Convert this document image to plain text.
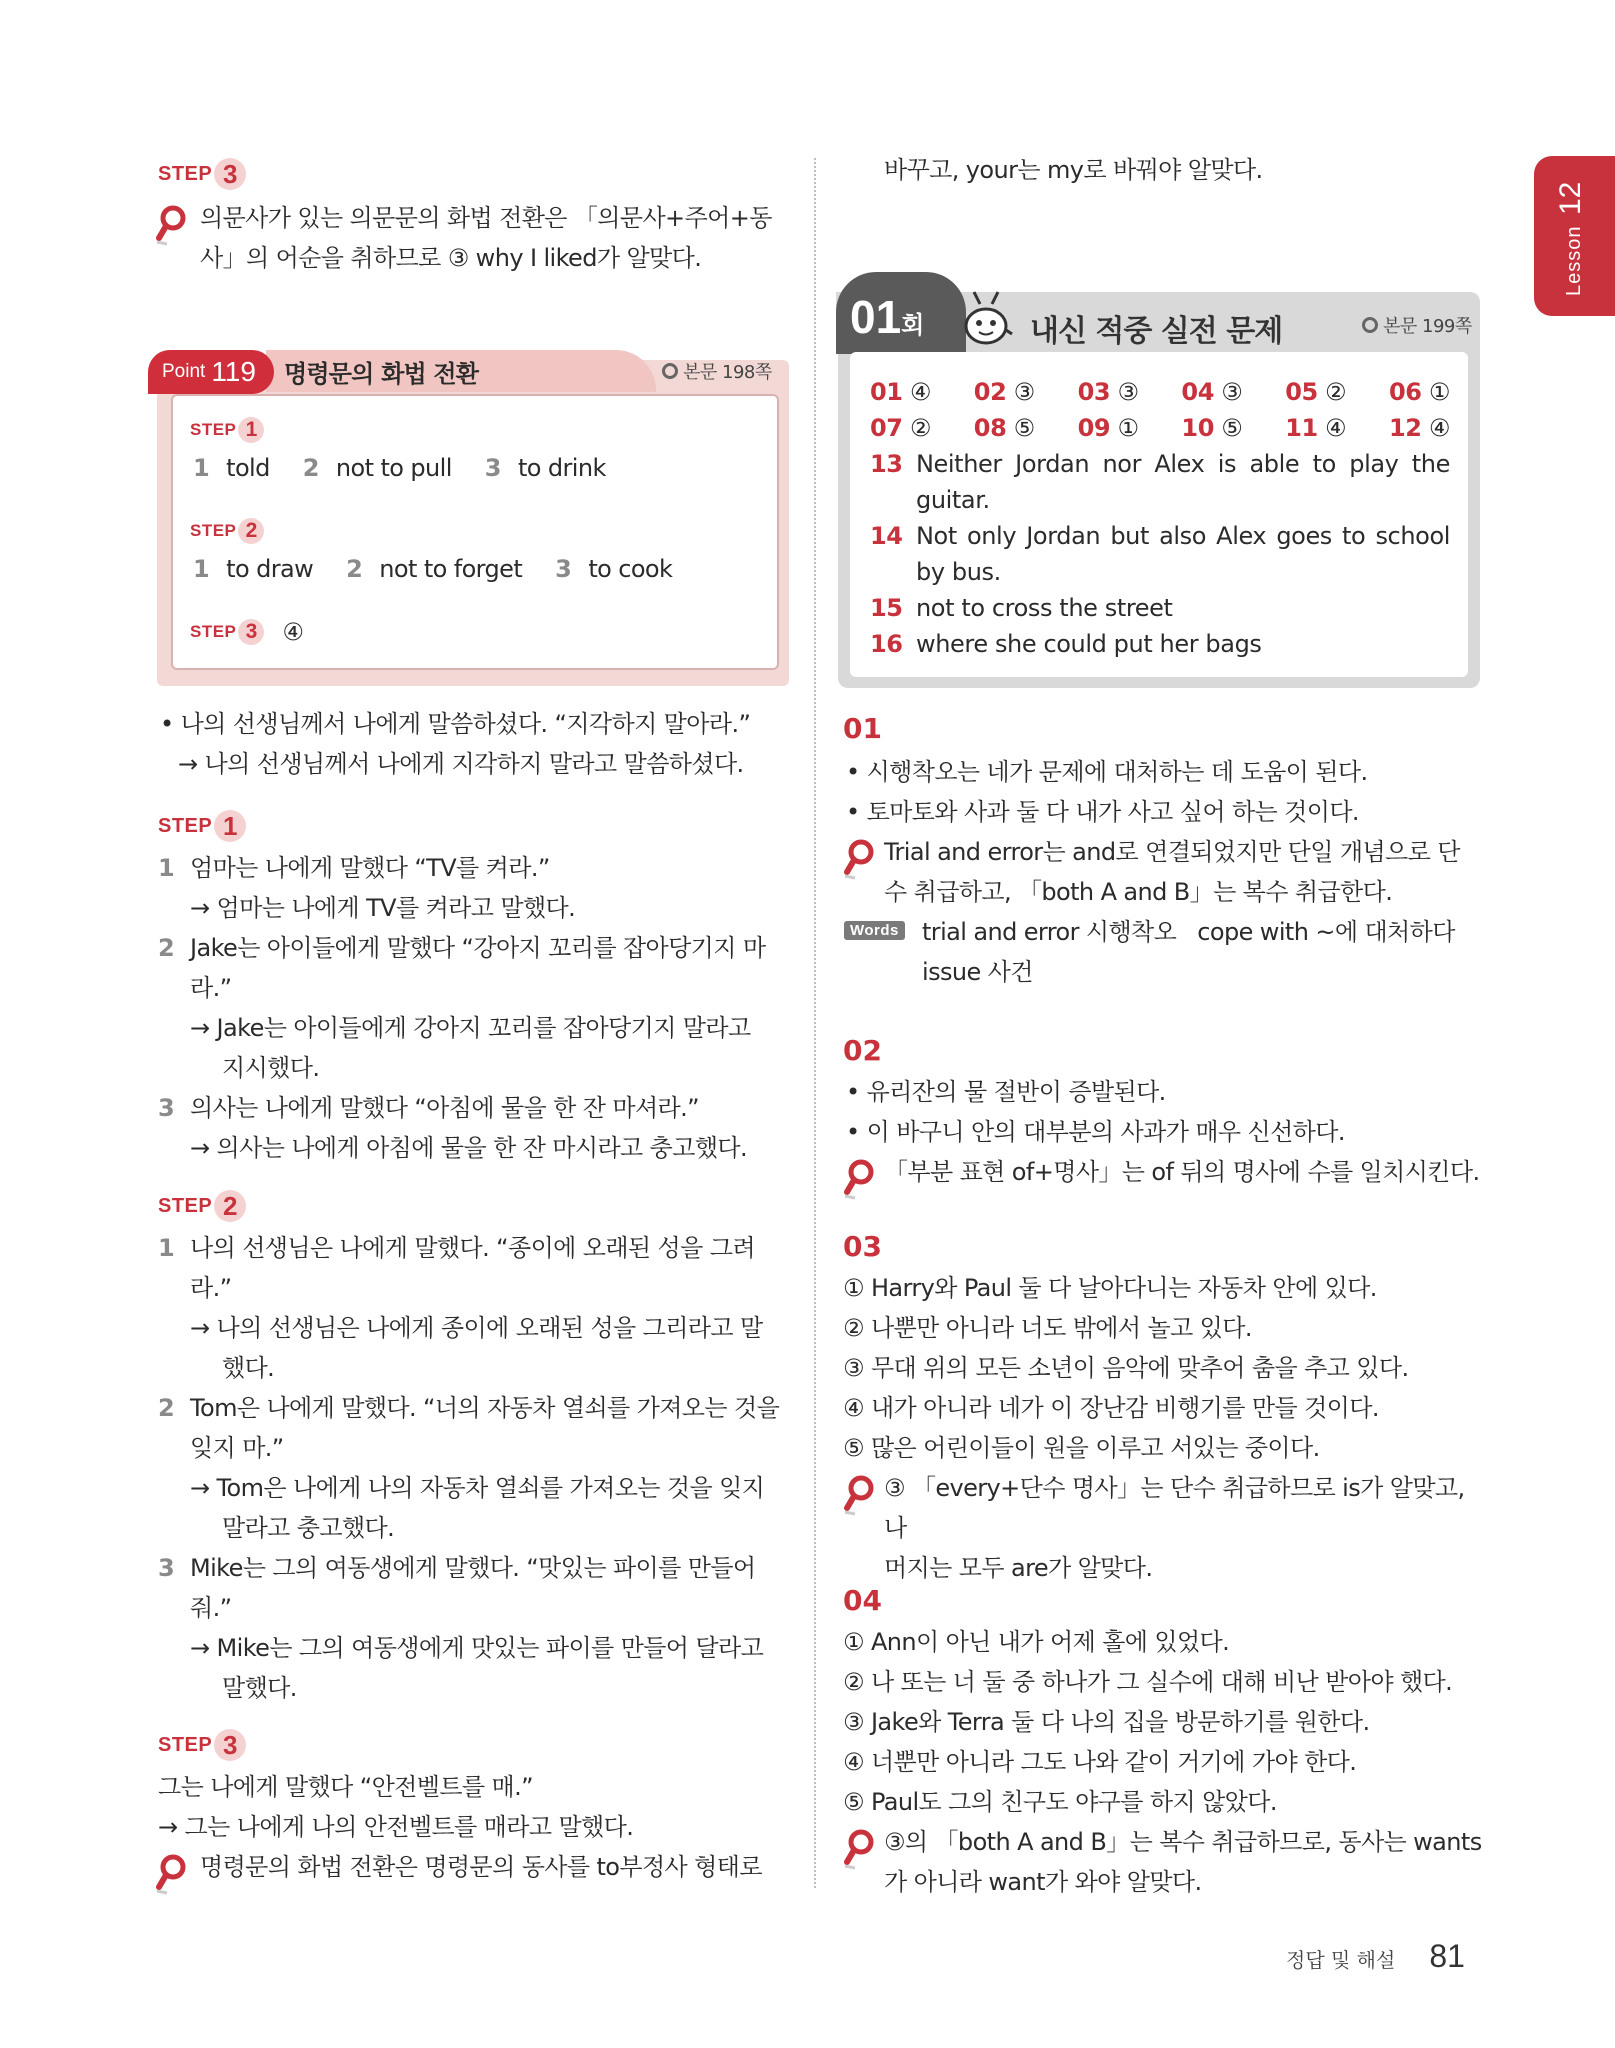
Lesson 12
STEP 3
의문사가 있는 의문문의 화법 전환은 「의문사+주어+동
사」의 어순을 취하므로 ③ why I liked가 알맞다.
명령문의 화법 전환
Point 119	본문 198쪽
STEP 1
1 told 2 not to pull 3 to drink
STEP 2
1 to draw 2 not to forget 3 to cook
STEP 3 ④
• 나의 선생님께서 나에게 말씀하셨다. “지각하지 말아라.”
→ 나의 선생님께서 나에게 지각하지 말라고 말씀하셨다.
STEP 1
1 엄마는 나에게 말했다 “TV를 켜라.”
→ 엄마는 나에게 TV를 켜라고 말했다.
2 Jake는 아이들에게 말했다 “강아지 꼬리를 잡아당기지 마
라.”
→ Jake는 아이들에게 강아지 꼬리를 잡아당기지 말라고
지시했다.
3 의사는 나에게 말했다 “아침에 물을 한 잔 마셔라.”
→ 의사는 나에게 아침에 물을 한 잔 마시라고 충고했다.
STEP 2
1 나의 선생님은 나에게 말했다. “종이에 오래된 성을 그려
라.”
→ 나의 선생님은 나에게 종이에 오래된 성을 그리라고 말
했다.
2 Tom은 나에게 말했다. “너의 자동차 열쇠를 가져오는 것을
잊지 마.”
→ Tom은 나에게 나의 자동차 열쇠를 가져오는 것을 잊지
말라고 충고했다.
3 Mike는 그의 여동생에게 말했다. “맛있는 파이를 만들어
줘.”
→ Mike는 그의 여동생에게 맛있는 파이를 만들어 달라고
말했다.
STEP 3
그는 나에게 말했다 “안전벨트를 매.”
→ 그는 나에게 나의 안전벨트를 매라고 말했다.
명령문의 화법 전환은 명령문의 동사를 to부정사 형태로
바꾸고, your는 my로 바꿔야 알맞다.
01회	내신 적중 실전 문제	본문 199쪽
01 ④ 02 ③ 03 ③ 04 ③ 05 ② 06 ①
07 ② 08 ⑤ 09 ① 10 ⑤ 11 ④ 12 ④
13 Neither Jordan nor Alex is able to play the
guitar.
14 Not only Jordan but also Alex goes to school
by bus.
15 not to cross the street
16 where she could put her bags
01
• 시행착오는 네가 문제에 대처하는 데 도움이 된다.
• 토마토와 사과 둘 다 내가 사고 싶어 하는 것이다.
Trial and error는 and로 연결되었지만 단일 개념으로 단
수 취급하고, 「both A and B」는 복수 취급한다.
Words trial and error 시행착오   cope with ~에 대처하다
issue 사건
02
• 유리잔의 물 절반이 증발된다.
• 이 바구니 안의 대부분의 사과가 매우 신선하다.
「부분 표현 of+명사」는 of 뒤의 명사에 수를 일치시킨다.
03
① Harry와 Paul 둘 다 날아다니는 자동차 안에 있다.
② 나뿐만 아니라 너도 밖에서 놀고 있다.
③ 무대 위의 모든 소년이 음악에 맞추어 춤을 추고 있다.
④ 내가 아니라 네가 이 장난감 비행기를 만들 것이다.
⑤ 많은 어린이들이 원을 이루고 서있는 중이다.
③ 「every+단수 명사」는 단수 취급하므로 is가 알맞고, 나
머지는 모두 are가 알맞다.
04
① Ann이 아닌 내가 어제 홀에 있었다.
② 나 또는 너 둘 중 하나가 그 실수에 대해 비난 받아야 했다.
③ Jake와 Terra 둘 다 나의 집을 방문하기를 원한다.
④ 너뿐만 아니라 그도 나와 같이 거기에 가야 한다.
⑤ Paul도 그의 친구도 야구를 하지 않았다.
③의 「both A and B」는 복수 취급하므로, 동사는 wants
가 아니라 want가 와야 알맞다.
정답 및 해설 81
